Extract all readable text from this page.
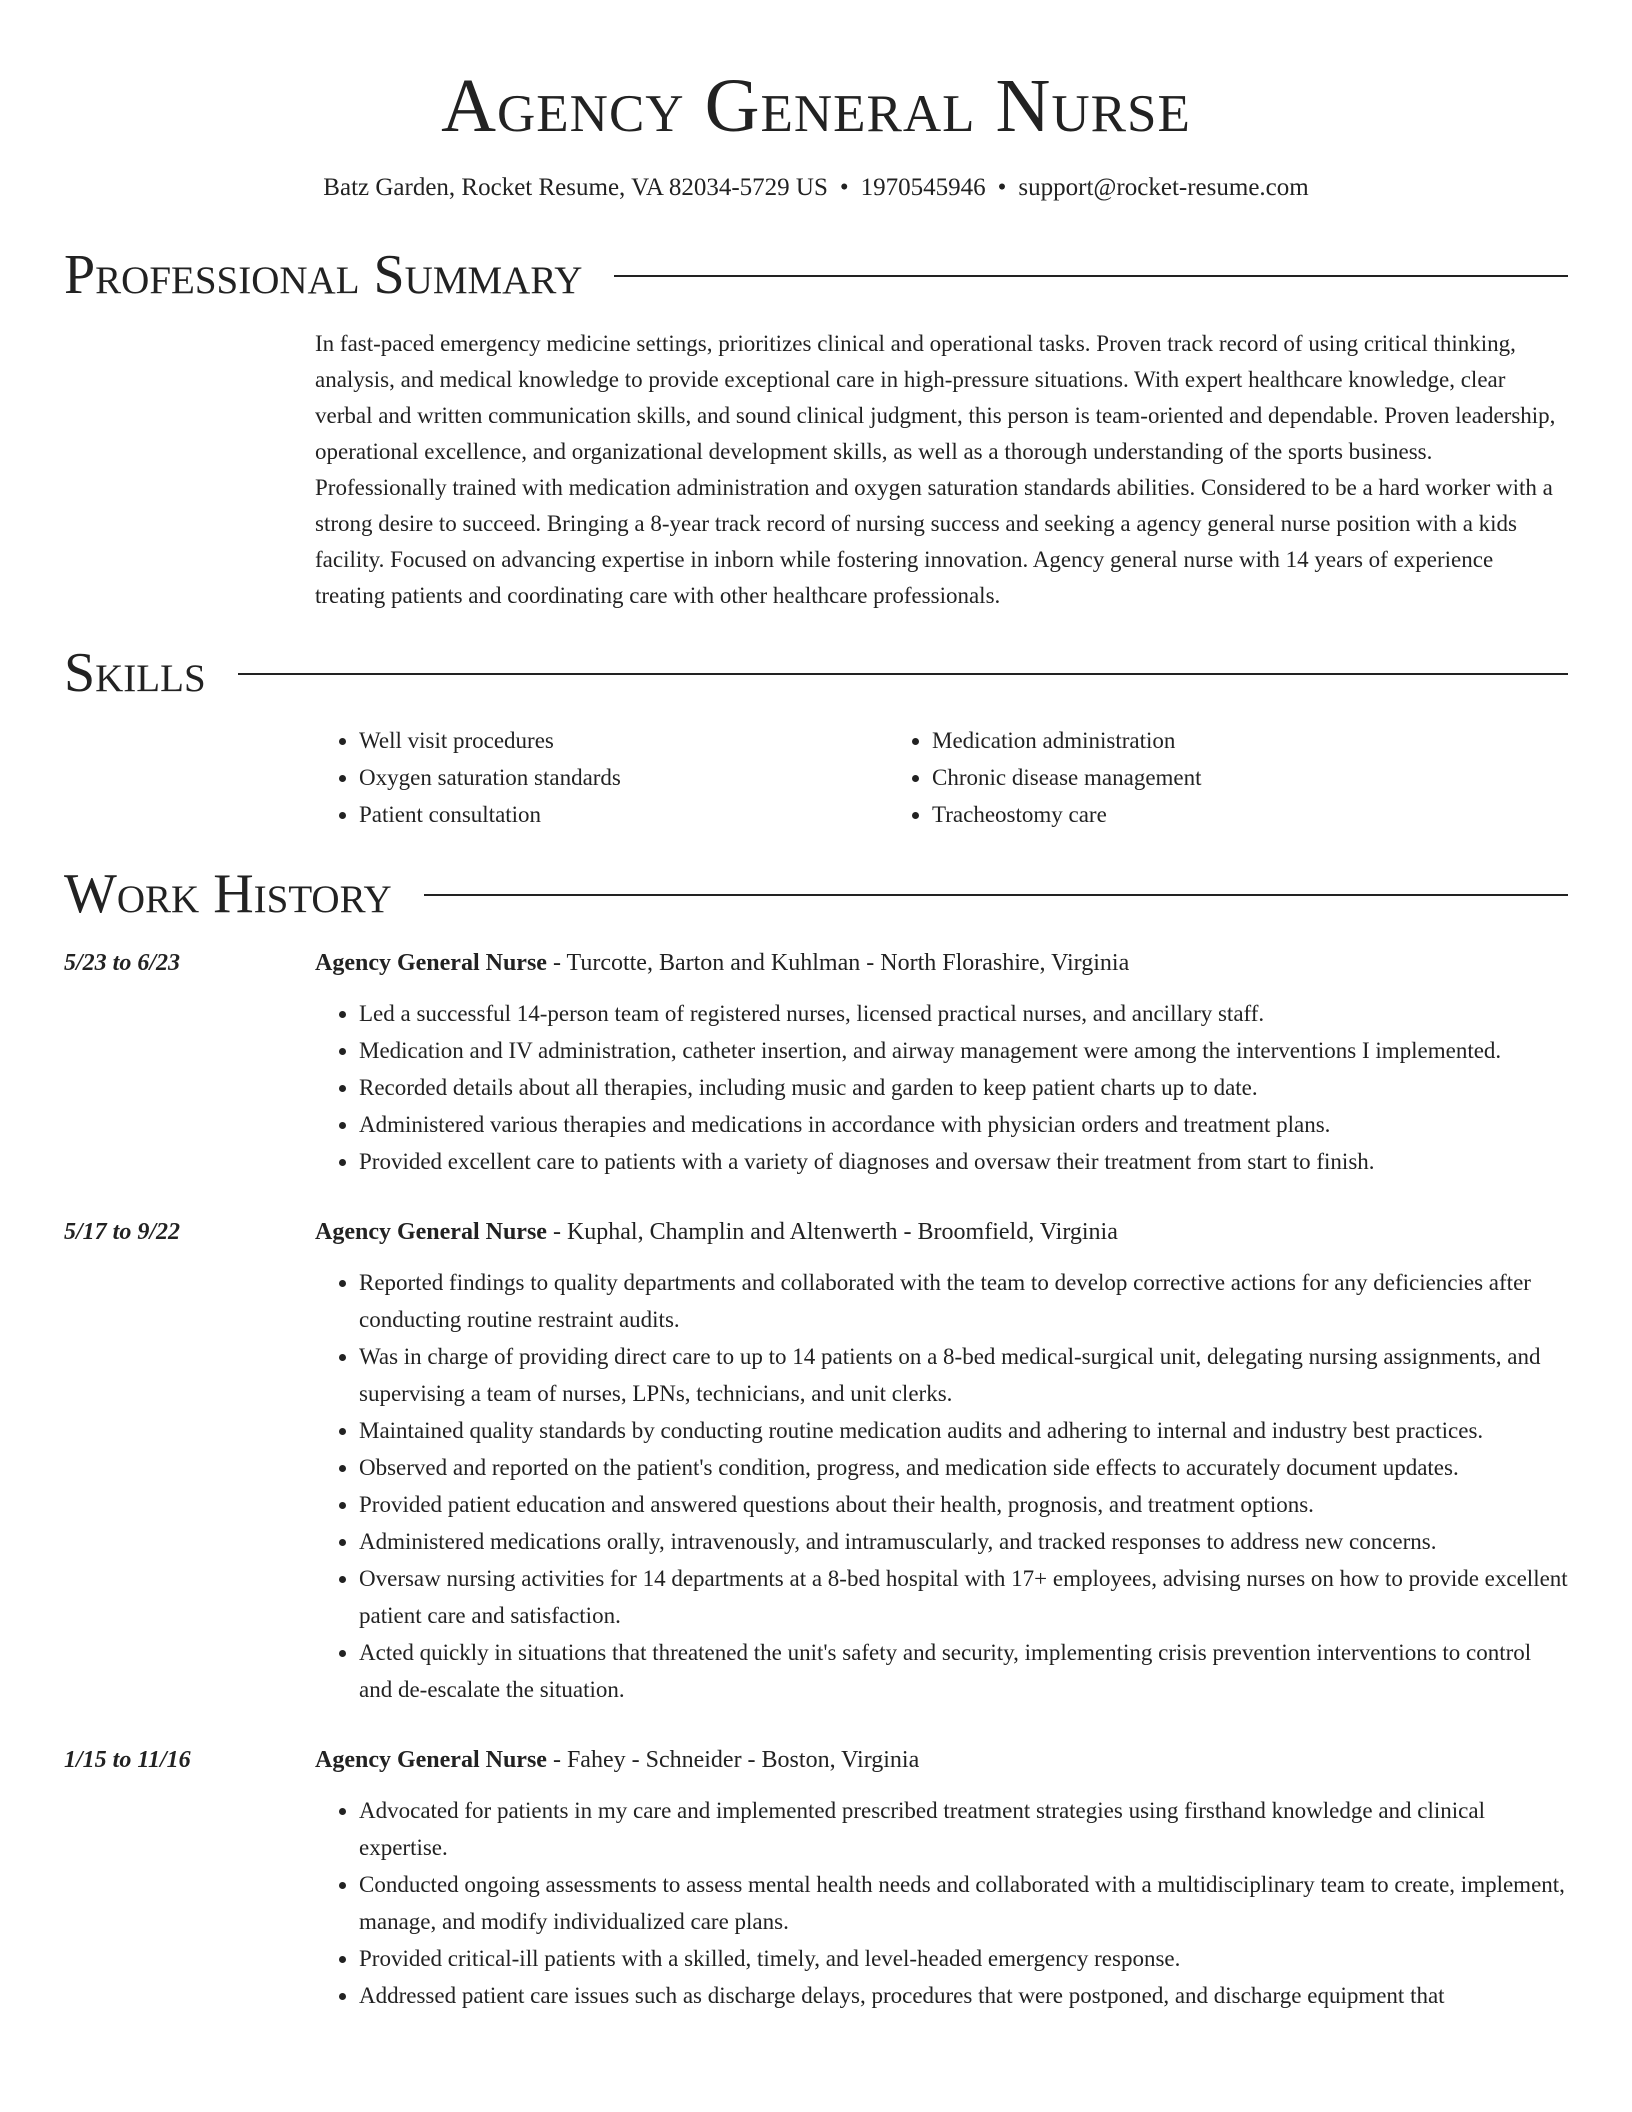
Agency General Nurse
Batz Garden, Rocket Resume, VA 82034-5729 US • 1970545946 • support@rocket-resume.com
Professional Summary
In fast-paced emergency medicine settings, prioritizes clinical and operational tasks. Proven track record of using critical thinking, analysis, and medical knowledge to provide exceptional care in high-pressure situations. With expert healthcare knowledge, clear verbal and written communication skills, and sound clinical judgment, this person is team-oriented and dependable. Proven leadership, operational excellence, and organizational development skills, as well as a thorough understanding of the sports business. Professionally trained with medication administration and oxygen saturation standards abilities. Considered to be a hard worker with a strong desire to succeed. Bringing a 8-year track record of nursing success and seeking a agency general nurse position with a kids facility. Focused on advancing expertise in inborn while fostering innovation. Agency general nurse with 14 years of experience treating patients and coordinating care with other healthcare professionals.
Skills
• Well visit procedures
• Oxygen saturation standards
• Patient consultation
• Medication administration
• Chronic disease management
• Tracheostomy care
Work History
5/23 to 6/23	Agency General Nurse - Turcotte, Barton and Kuhlman - North Florashire, Virginia
• Led a successful 14-person team of registered nurses, licensed practical nurses, and ancillary staff.
• Medication and IV administration, catheter insertion, and airway management were among the interventions I implemented.
• Recorded details about all therapies, including music and garden to keep patient charts up to date.
• Administered various therapies and medications in accordance with physician orders and treatment plans.
• Provided excellent care to patients with a variety of diagnoses and oversaw their treatment from start to finish.
5/17 to 9/22	Agency General Nurse - Kuphal, Champlin and Altenwerth - Broomfield, Virginia
• Reported findings to quality departments and collaborated with the team to develop corrective actions for any deficiencies after conducting routine restraint audits.
• Was in charge of providing direct care to up to 14 patients on a 8-bed medical-surgical unit, delegating nursing assignments, and supervising a team of nurses, LPNs, technicians, and unit clerks.
• Maintained quality standards by conducting routine medication audits and adhering to internal and industry best practices.
• Observed and reported on the patient's condition, progress, and medication side effects to accurately document updates.
• Provided patient education and answered questions about their health, prognosis, and treatment options.
• Administered medications orally, intravenously, and intramuscularly, and tracked responses to address new concerns.
• Oversaw nursing activities for 14 departments at a 8-bed hospital with 17+ employees, advising nurses on how to provide excellent patient care and satisfaction.
• Acted quickly in situations that threatened the unit's safety and security, implementing crisis prevention interventions to control and de-escalate the situation.
1/15 to 11/16	Agency General Nurse - Fahey - Schneider - Boston, Virginia
• Advocated for patients in my care and implemented prescribed treatment strategies using firsthand knowledge and clinical expertise.
• Conducted ongoing assessments to assess mental health needs and collaborated with a multidisciplinary team to create, implement, manage, and modify individualized care plans.
• Provided critical-ill patients with a skilled, timely, and level-headed emergency response.
• Addressed patient care issues such as discharge delays, procedures that were postponed, and discharge equipment that
